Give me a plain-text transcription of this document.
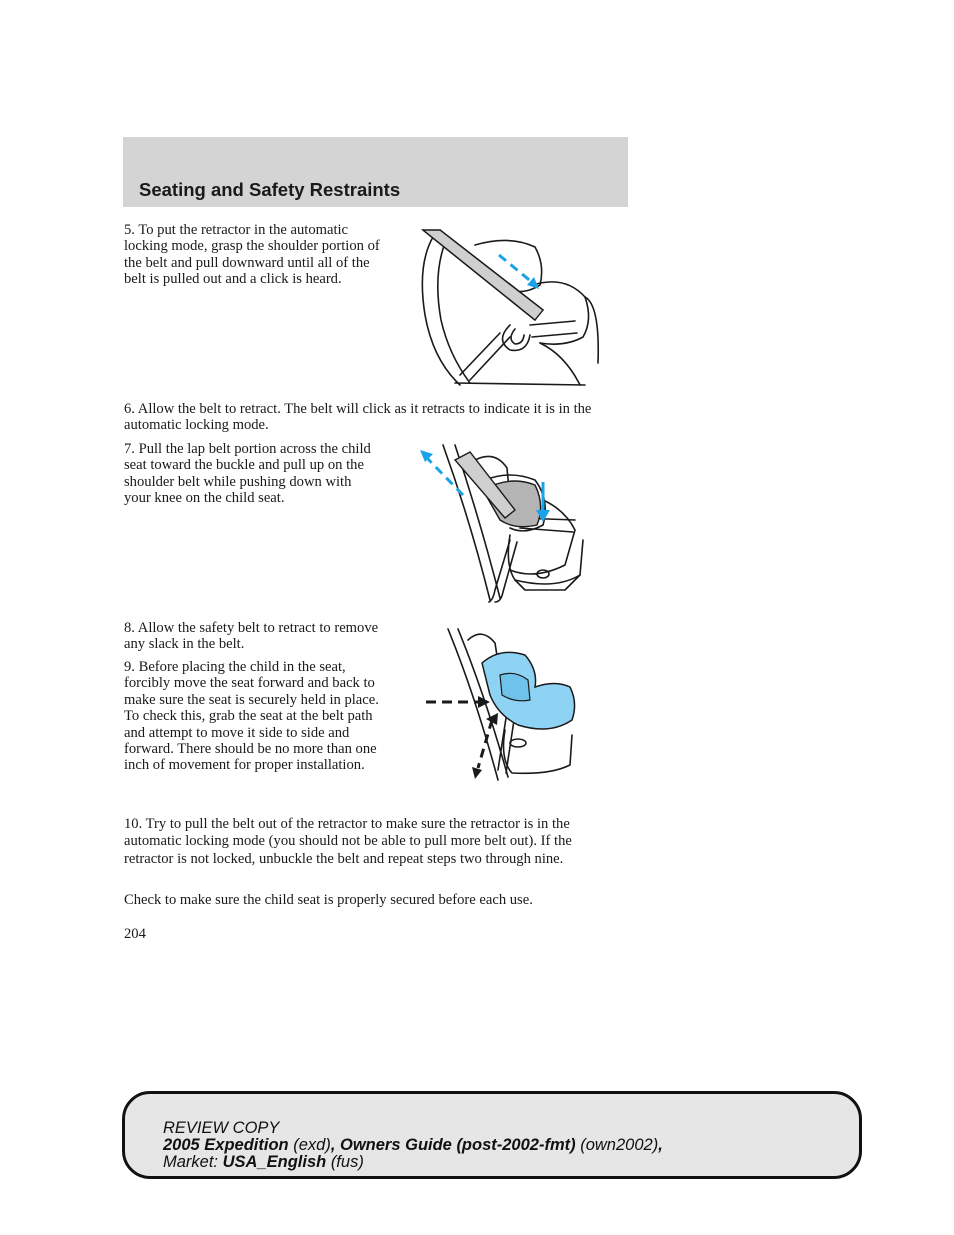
Seating and Safety Restraints

5. To put the retractor in the automatic locking mode, grasp the shoulder portion of the belt and pull downward until all of the belt is pulled out and a click is heard.

6. Allow the belt to retract. The belt will click as it retracts to indicate it is in the automatic locking mode.

7. Pull the lap belt portion across the child seat toward the buckle and pull up on the shoulder belt while pushing down with your knee on the child seat.

8. Allow the safety belt to retract to remove any slack in the belt.

9. Before placing the child in the seat, forcibly move the seat forward and back to make sure the seat is securely held in place. To check this, grab the seat at the belt path and attempt to move it side to side and forward. There should be no more than one inch of movement for proper installation.

10. Try to pull the belt out of the retractor to make sure the retractor is in the automatic locking mode (you should not be able to pull more belt out). If the retractor is not locked, unbuckle the belt and repeat steps two through nine.

Check to make sure the child seat is properly secured before each use.

204
REVIEW COPY
2005 Expedition (exd), Owners Guide (post-2002-fmt) (own2002),
Market: USA_English (fus)
